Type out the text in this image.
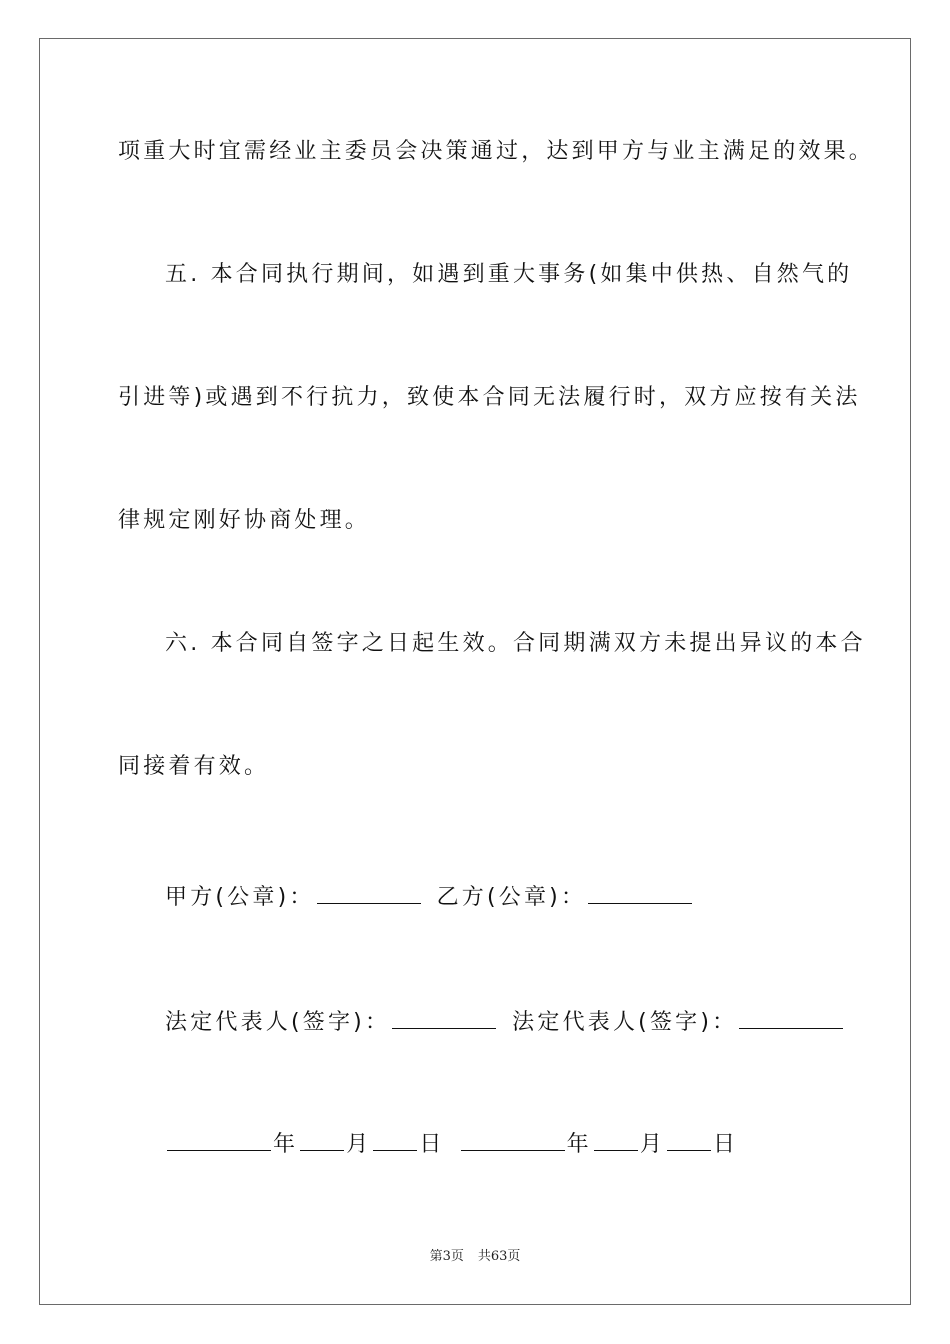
项重大时宜需经业主委员会决策通过，达到甲方与业主满足的效果。
五. 本合同执行期间，如遇到重大事务(如集中供热、自然气的
引进等)或遇到不行抗力，致使本合同无法履行时，双方应按有关法
律规定刚好协商处理。
六. 本合同自签字之日起生效。合同期满双方未提出异议的本合
同接着有效。
甲方(公章)：	乙方(公章)：
法定代表人(签字)：	法定代表人(签字)：
年 月 日	年 月 日
第3页 共63页
